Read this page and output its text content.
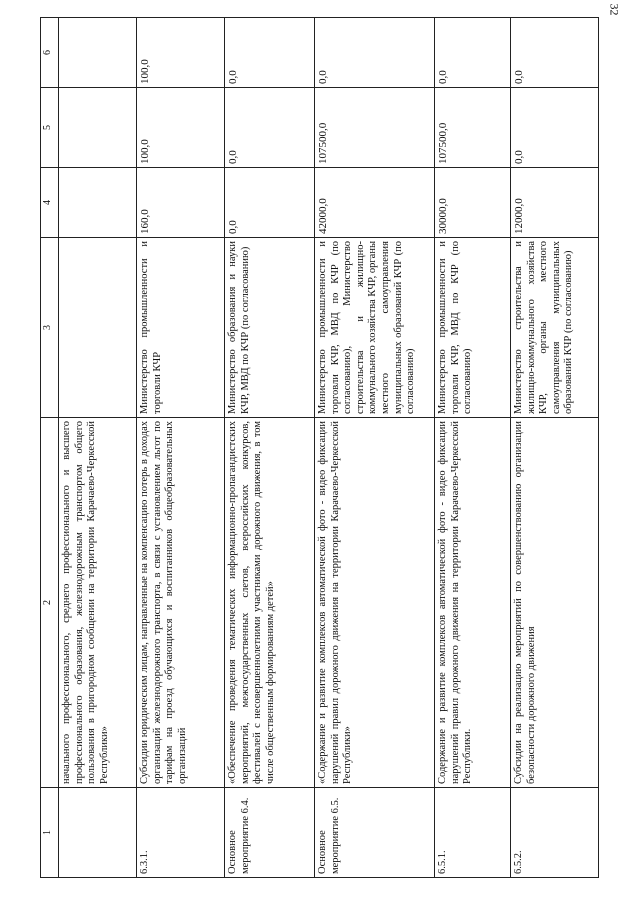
32
1	2	3	4	5	6
	начального профессионального, среднего профессионального и высшего профессионального образования, железнодорожным транспортом общего пользования в пригородном сообщении на территории Карачаево-Черкесской Республики»				
6.3.1.	Субсидии юридическим лицам, направленные на компенсацию потерь в доходах организаций железнодорожного транспорта, в связи с установлением льгот по тарифам на проезд обучающихся и воспитанников общеобразовательных организаций	Министерство промышленности и торговли КЧР	160,0	100,0	100,0
Основное мероприятие 6.4.	«Обеспечение проведения тематических информационно-пропагандистских мероприятий, межгосударственных слетов, всероссийских конкурсов, фестивалей с несовершеннолетними участниками дорожного движения, в том числе общественным формированиям детей»	Министерство образования и науки КЧР, МВД по КЧР (по согласованию)	0,0	0,0	0,0
Основное мероприятие 6.5.	«Содержание и развитие комплексов автоматической фото - видео фиксации нарушений правил дорожного движения на территории Карачаево-Черкесской Республики»	Министерство промышленности и торговли КЧР, МВД по КЧР (по согласованию), Министерство строительства и жилищно-коммунального хозяйства КЧР, органы местного самоуправления муниципальных образований КЧР (по согласованию)	42000,0	107500,0	0,0
6.5.1.	Содержание и развитие комплексов автоматической фото - видео фиксации нарушений правил дорожного движения на территории Карачаево-Черкесской Республики.	Министерство промышленности и торговли КЧР, МВД по КЧР (по согласованию)	30000,0	107500,0	0,0
6.5.2.	Субсидии на реализацию мероприятий по совершенствованию организации безопасности дорожного движения	Министерство строительства и жилищно-коммунального хозяйства КЧР, органы местного самоуправления муниципальных образований КЧР (по согласованию)	12000,0	0,0	0,0
